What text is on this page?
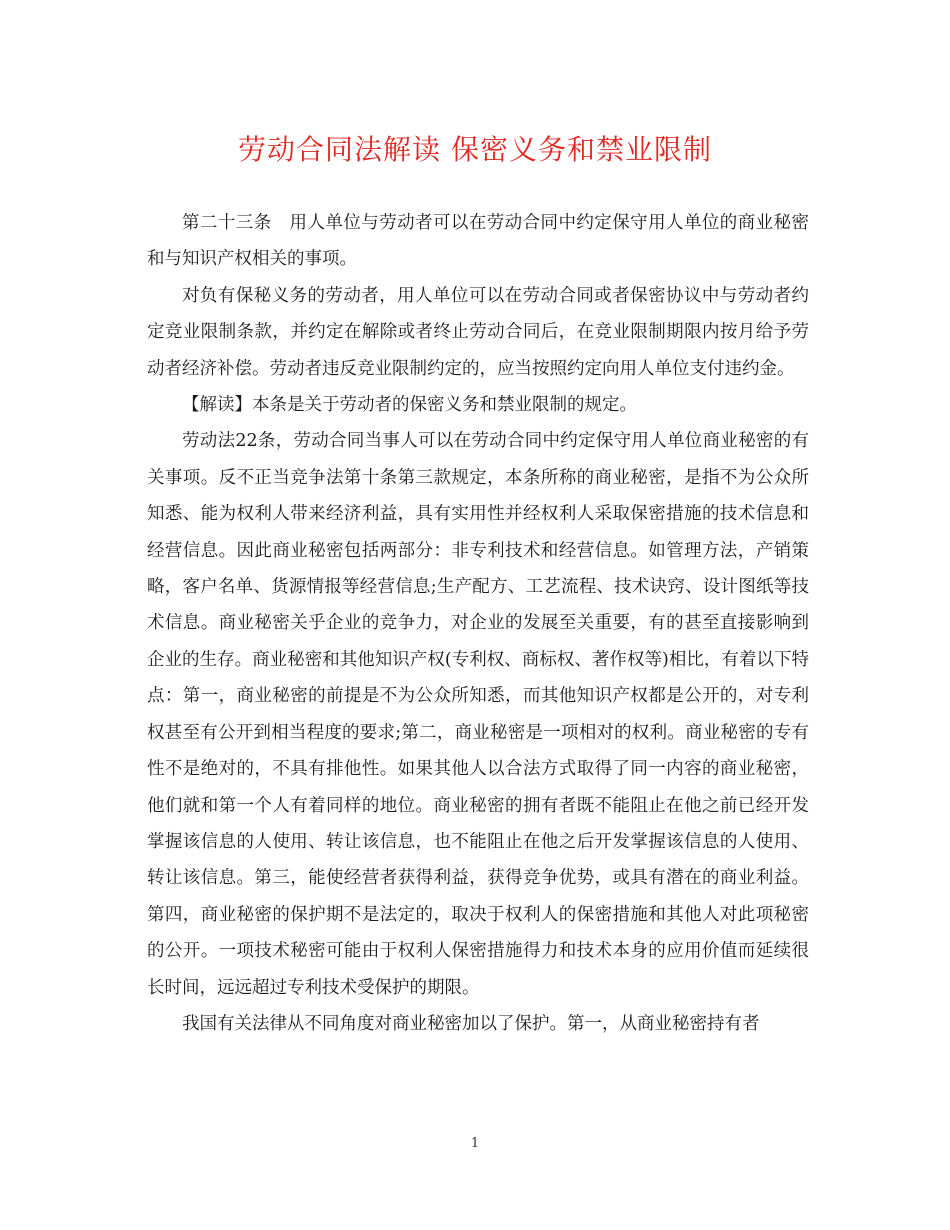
劳动合同法解读 保密义务和禁业限制

第二十三条　用人单位与劳动者可以在劳动合同中约定保守用人单位的商业秘密和与知识产权相关的事项。

对负有保秘义务的劳动者，用人单位可以在劳动合同或者保密协议中与劳动者约定竞业限制条款，并约定在解除或者终止劳动合同后，在竞业限制期限内按月给予劳动者经济补偿。劳动者违反竞业限制约定的，应当按照约定向用人单位支付违约金。

【解读】本条是关于劳动者的保密义务和禁业限制的规定。

劳动法22条，劳动合同当事人可以在劳动合同中约定保守用人单位商业秘密的有关事项。反不正当竞争法第十条第三款规定，本条所称的商业秘密，是指不为公众所知悉、能为权利人带来经济利益，具有实用性并经权利人采取保密措施的技术信息和经营信息。因此商业秘密包括两部分：非专利技术和经营信息。如管理方法，产销策略，客户名单、货源情报等经营信息;生产配方、工艺流程、技术诀窍、设计图纸等技术信息。商业秘密关乎企业的竞争力，对企业的发展至关重要，有的甚至直接影响到企业的生存。商业秘密和其他知识产权(专利权、商标权、著作权等)相比，有着以下特点：第一，商业秘密的前提是不为公众所知悉，而其他知识产权都是公开的，对专利权甚至有公开到相当程度的要求;第二，商业秘密是一项相对的权利。商业秘密的专有性不是绝对的，不具有排他性。如果其他人以合法方式取得了同一内容的商业秘密，他们就和第一个人有着同样的地位。商业秘密的拥有者既不能阻止在他之前已经开发掌握该信息的人使用、转让该信息，也不能阻止在他之后开发掌握该信息的人使用、转让该信息。第三，能使经营者获得利益，获得竞争优势，或具有潜在的商业利益。第四，商业秘密的保护期不是法定的，取决于权利人的保密措施和其他人对此项秘密的公开。一项技术秘密可能由于权利人保密措施得力和技术本身的应用价值而延续很长时间，远远超过专利技术受保护的期限。

我国有关法律从不同角度对商业秘密加以了保护。第一，从商业秘密持有者

1
